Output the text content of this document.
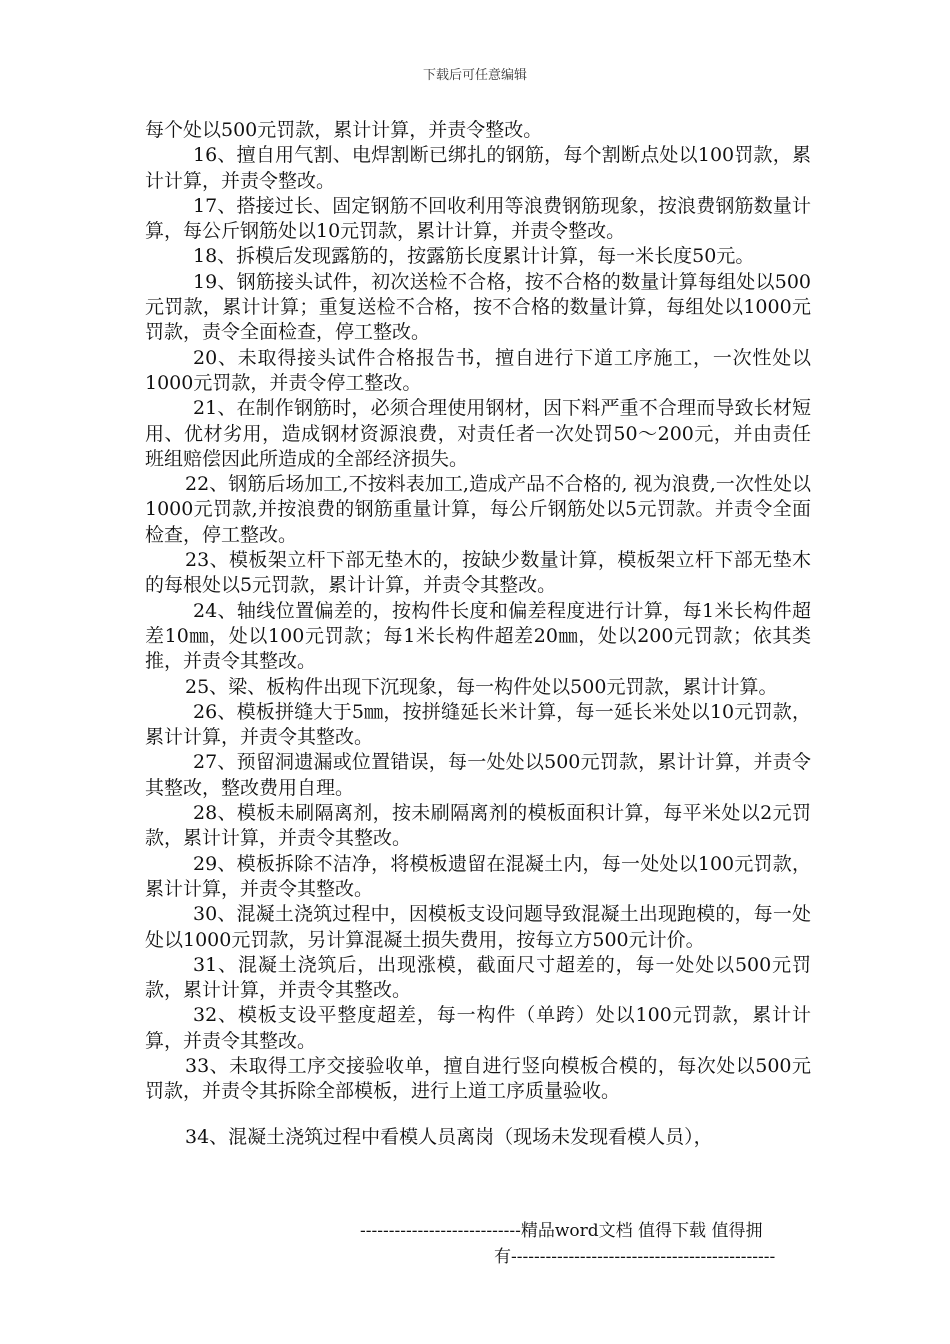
下载后可任意编辑
每个处以500元罚款，累计计算，并责令整改。
16、擅自用气割、电焊割断已绑扎的钢筋，每个割断点处以100罚款，累计计算，并责令整改。
17、搭接过长、固定钢筋不回收利用等浪费钢筋现象，按浪费钢筋数量计算，每公斤钢筋处以10元罚款，累计计算，并责令整改。
18、拆模后发现露筋的，按露筋长度累计计算，每一米长度50元。
19、钢筋接头试件，初次送检不合格，按不合格的数量计算每组处以500元罚款，累计计算；重复送检不合格，按不合格的数量计算，每组处以1000元罚款，责令全面检查，停工整改。
20、未取得接头试件合格报告书，擅自进行下道工序施工，一次性处以1000元罚款，并责令停工整改。
21、在制作钢筋时，必须合理使用钢材，因下料严重不合理而导致长材短用、优材劣用，造成钢材资源浪费，对责任者一次处罚50～200元，并由责任班组赔偿因此所造成的全部经济损失。
22、钢筋后场加工,不按料表加工,造成产品不合格的, 视为浪费,一次性处以1000元罚款,并按浪费的钢筋重量计算，每公斤钢筋处以5元罚款。并责令全面检查，停工整改。
23、模板架立杆下部无垫木的，按缺少数量计算，模板架立杆下部无垫木的每根处以5元罚款，累计计算，并责令其整改。
24、轴线位置偏差的，按构件长度和偏差程度进行计算，每1米长构件超差10㎜，处以100元罚款；每1米长构件超差20㎜，处以200元罚款；依其类推，并责令其整改。
25、梁、板构件出现下沉现象，每一构件处以500元罚款，累计计算。
26、模板拼缝大于5㎜，按拼缝延长米计算，每一延长米处以10元罚款，累计计算，并责令其整改。
27、预留洞遗漏或位置错误，每一处处以500元罚款，累计计算，并责令其整改，整改费用自理。
28、模板未刷隔离剂，按未刷隔离剂的模板面积计算，每平米处以2元罚款，累计计算，并责令其整改。
29、模板拆除不洁净，将模板遗留在混凝土内，每一处处以100元罚款，累计计算，并责令其整改。
30、混凝土浇筑过程中，因模板支设问题导致混凝土出现跑模的，每一处处以1000元罚款，另计算混凝土损失费用，按每立方500元计价。
31、混凝土浇筑后，出现涨模，截面尺寸超差的，每一处处以500元罚款，累计计算，并责令其整改。
32、模板支设平整度超差，每一构件（单跨）处以100元罚款，累计计算，并责令其整改。
33、未取得工序交接验收单，擅自进行竖向模板合模的，每次处以500元罚款，并责令其拆除全部模板，进行上道工序质量验收。
34、混凝土浇筑过程中看模人员离岗（现场未发现看模人员），
----------------------------精品word文档 值得下载 值得拥
有----------------------------------------------
